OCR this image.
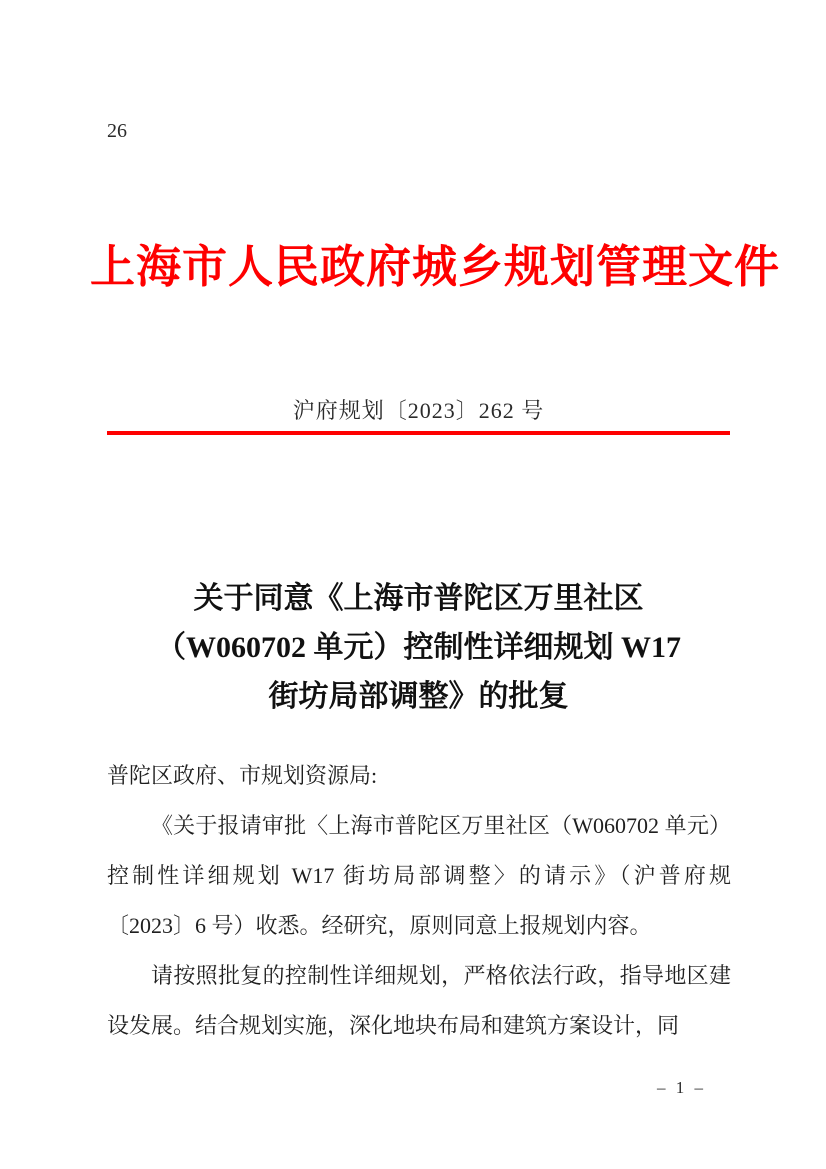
26
上海市人民政府城乡规划管理文件
沪府规划〔2023〕262 号
关于同意《上海市普陀区万里社区
（W060702 单元）控制性详细规划 W17
街坊局部调整》的批复

普陀区政府、市规划资源局:

《关于报请审批〈上海市普陀区万里社区（W060702 单元）控制性详细规划 W17 街坊局部调整〉的请示》（沪普府规〔2023〕6 号）收悉。经研究，原则同意上报规划内容。

请按照批复的控制性详细规划，严格依法行政，指导地区建设发展。结合规划实施，深化地块布局和建筑方案设计，同

– 1 –
